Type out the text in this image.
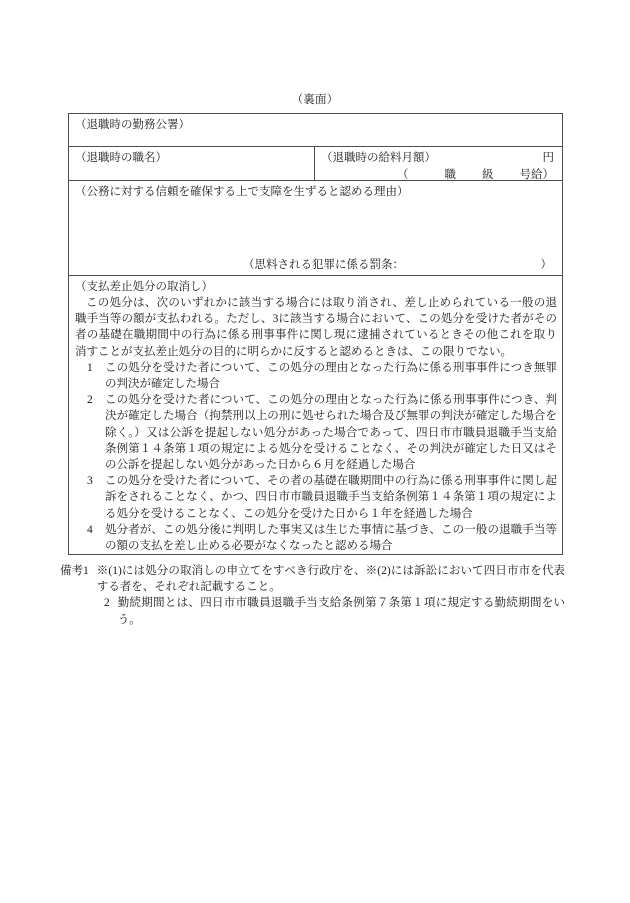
（裏面）
（退職時の勤務公署）
（退職時の職名）	（退職時の給料月額）	円
（	職 級 号給）
（公務に対する信頼を確保する上で支障を生ずると認める理由）
（思料される犯罪に係る罰条：	）
（支払差止処分の取消し）
この処分は、次のいずれかに該当する場合には取り消され、差し止められている一般の退職手当等の額が支払われる。ただし、3に該当する場合において、この処分を受けた者がその者の基礎在職期間中の行為に係る刑事事件に関し現に逮捕されているときその他これを取り消すことが支払差止処分の目的に明らかに反すると認めるときは、この限りでない。
1	この処分を受けた者について、この処分の理由となった行為に係る刑事事件につき無罪の判決が確定した場合
2	この処分を受けた者について、この処分の理由となった行為に係る刑事事件につき、判決が確定した場合（拘禁刑以上の刑に処せられた場合及び無罪の判決が確定した場合を除く。）又は公訴を提起しない処分があった場合であって、四日市市職員退職手当支給条例第１４条第１項の規定による処分を受けることなく、その判決が確定した日又はその公訴を提起しない処分があった日から６月を経過した場合
3	この処分を受けた者について、その者の基礎在職期間中の行為に係る刑事事件に関し起訴をされることなく、かつ、四日市市職員退職手当支給条例第１４条第１項の規定による処分を受けることなく、この処分を受けた日から１年を経過した場合
4	処分者が、この処分後に判明した事実又は生じた事情に基づき、この一般の退職手当等の額の支払を差し止める必要がなくなったと認める場合
備考 1 ※(1)には処分の取消しの申立てをすべき行政庁を、※(2)には訴訟において四日市市を代表する者を、それぞれ記載すること。
2 勤続期間とは、四日市市職員退職手当支給条例第７条第１項に規定する勤続期間をいう。
